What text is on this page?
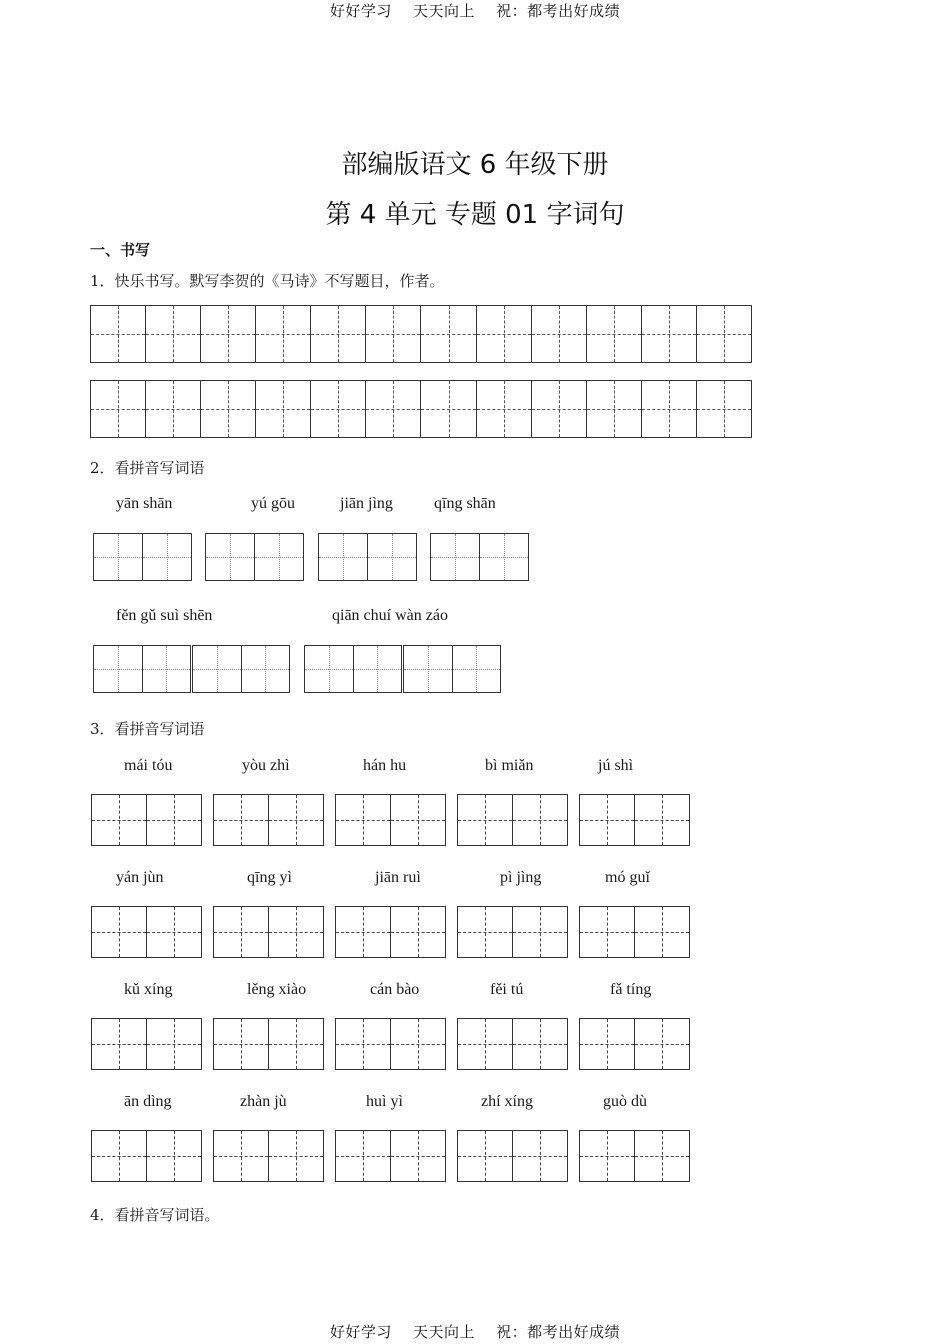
好好学习    天天向上    祝：都考出好成绩
好好学习    天天向上    祝：都考出好成绩
部编版语文 6 年级下册
第 4 单元 专题 01 字词句
一、书写
1．快乐书写。默写李贺的《马诗》不写题目，作者。
2．看拼音写词语
yān shān	yú gōu	jiān jìng	qīng shān
fěn gǔ suì shēn	qiān chuí wàn záo
3．看拼音写词语
mái tóu	yòu zhì	hán hu	bì miǎn	jú shì
yán jùn	qīng yì	jiān ruì	pì jìng	mó guǐ
kǔ xíng	lěng xiào	cán bào	fěi tú	fǎ tíng
ān dìng	zhàn jù	huì yì	zhí xíng	guò dù
4．看拼音写词语。
